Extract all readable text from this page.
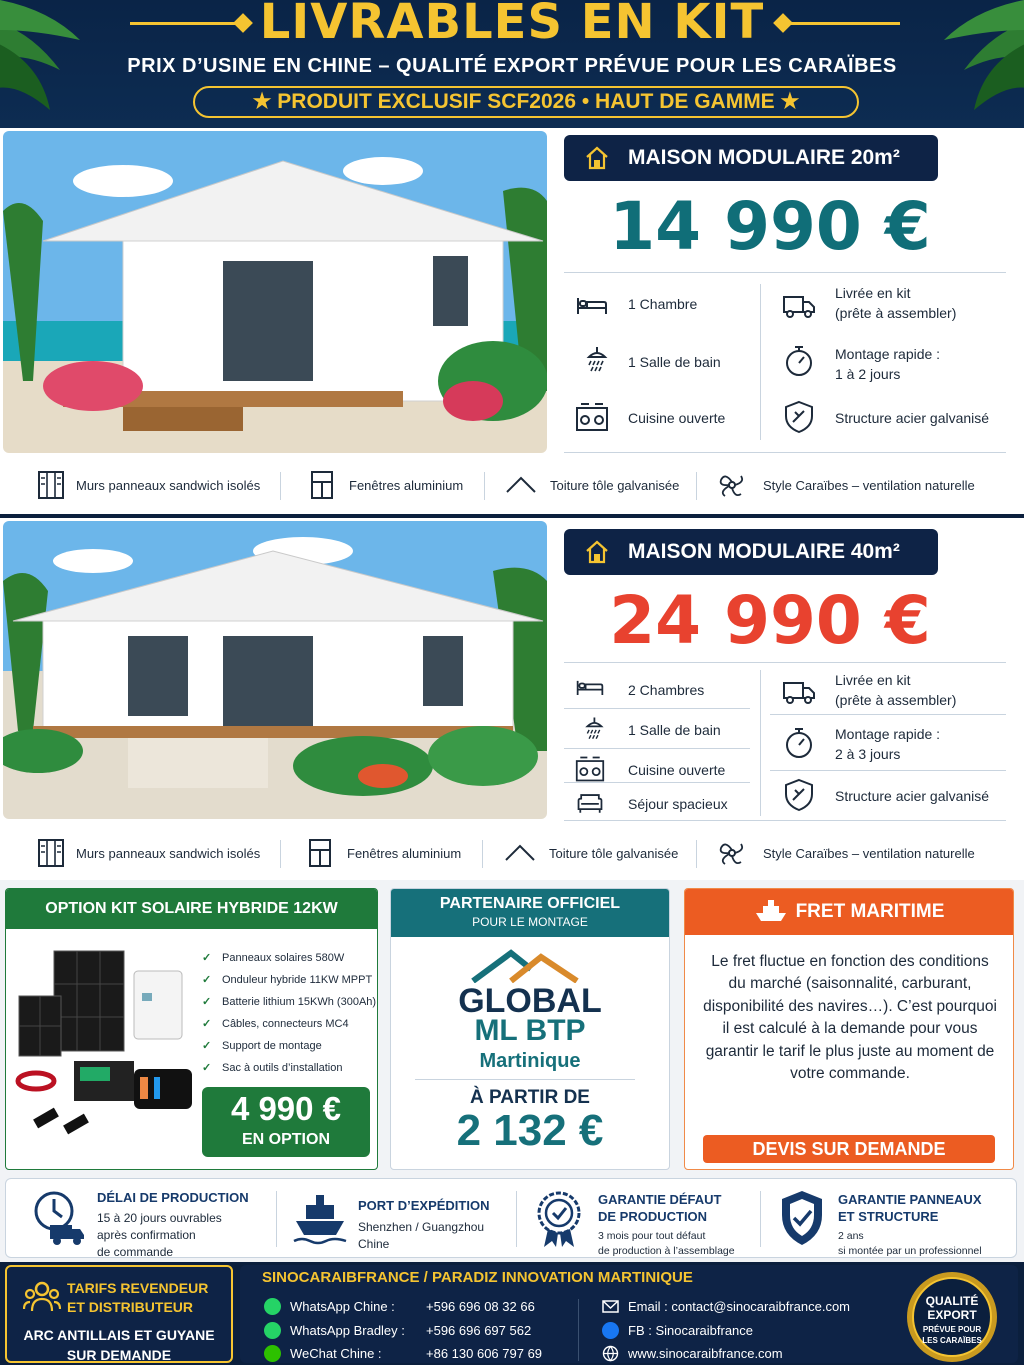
LIVRABLES EN KIT
PRIX D’USINE EN CHINE – QUALITÉ EXPORT PRÉVUE POUR LES CARAÏBES
★ PRODUIT EXCLUSIF SCF2026 • HAUT DE GAMME ★
MAISON MODULAIRE 20m²
14 990 €
1 Chambre
1 Salle de bain
Cuisine ouverte
Livrée en kit
(prête à assembler)
Montage rapide :
1 à 2 jours
Structure acier galvanisé
Murs panneaux sandwich isolés	Fenêtres aluminium	Toiture tôle galvanisée	Style Caraïbes – ventilation naturelle
MAISON MODULAIRE 40m²
24 990 €
2 Chambres
1 Salle de bain
Cuisine ouverte
Séjour spacieux
Livrée en kit
(prête à assembler)
Montage rapide :
2 à 3 jours
Structure acier galvanisé
Murs panneaux sandwich isolés	Fenêtres aluminium	Toiture tôle galvanisée	Style Caraïbes – ventilation naturelle
OPTION KIT SOLAIRE HYBRIDE 12KW
✓ Panneaux solaires 580W
✓ Onduleur hybride 11KW MPPT
✓ Batterie lithium 15KWh (300Ah)
✓ Câbles, connecteurs MC4
✓ Support de montage
✓ Sac à outils d’installation
4 990 €
EN OPTION
PARTENAIRE OFFICIEL
POUR LE MONTAGE
GLOBAL
ML BTP
Martinique
À PARTIR DE
2 132 €
FRET MARITIME
Le fret fluctue en fonction des conditions du marché (saisonnalité, carburant, disponibilité des navires…). C’est pourquoi il est calculé à la demande pour vous garantir le tarif le plus juste au moment de votre commande.
DEVIS SUR DEMANDE
DÉLAI DE PRODUCTION
15 à 20 jours ouvrables
après confirmation
de commande
PORT D’EXPÉDITION
Shenzhen / Guangzhou
Chine
GARANTIE DÉFAUT
DE PRODUCTION
3 mois pour tout défaut
de production à l’assemblage
GARANTIE PANNEAUX
ET STRUCTURE
2 ans
si montée par un professionnel
TARIFS REVENDEUR
ET DISTRIBUTEUR
ARC ANTILLAIS ET GUYANE
SUR DEMANDE
SINOCARAIBFRANCE / PARADIZ INNOVATION MARTINIQUE
WhatsApp Chine : +596 696 08 32 66
WhatsApp Bradley : +596 696 697 562
WeChat Chine :	+86 130 606 797 69
Email : contact@sinocaraibfrance.com
FB : Sinocaraibfrance
www.sinocaraibfrance.com
QUALITÉ
EXPORT
PRÉVUE POUR
LES CARAÏBES
